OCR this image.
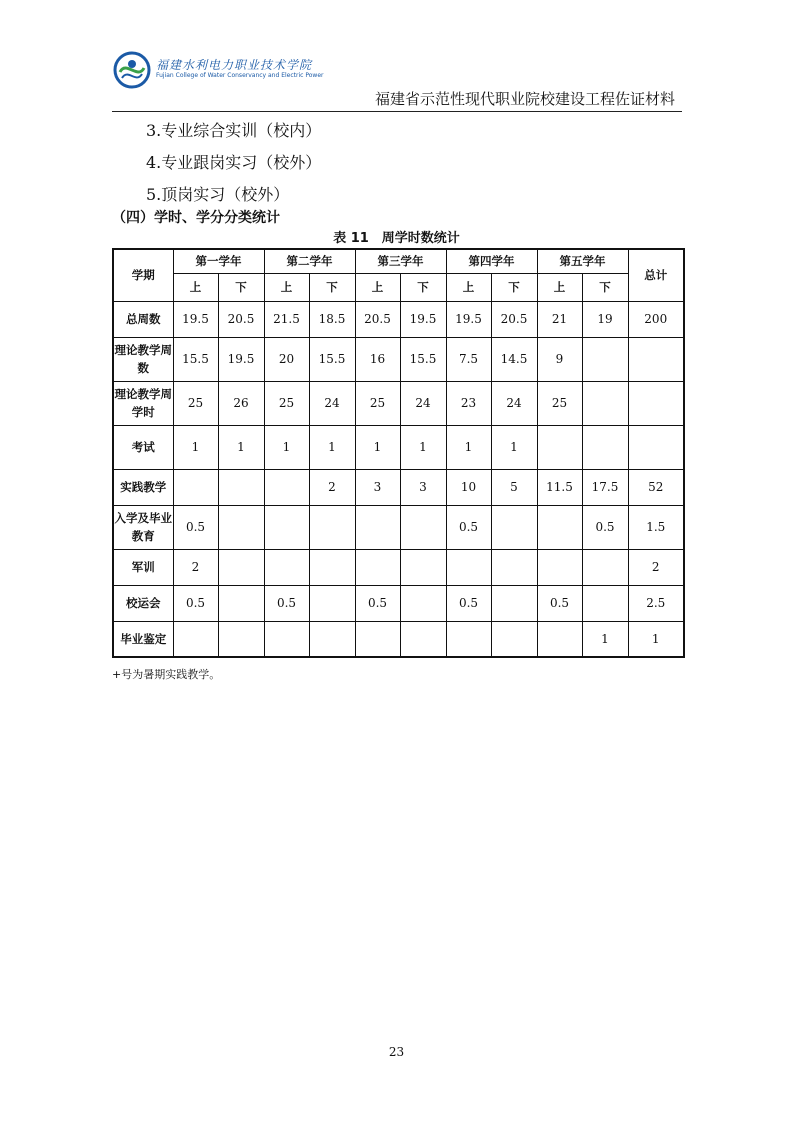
福建水利电力职业技术学院
Fujian College of Water Conservancy and Electric Power
福建省示范性现代职业院校建设工程佐证材料
3.专业综合实训（校内）
4.专业跟岗实习（校外）
5.顶岗实习（校外）
（四）学时、学分分类统计
表 11　周学时数统计
学期	第一学年		第二学年		第三学年		第四学年		第五学年		总计
	上	下	上	下	上	下	上	下	上	下	
总周数	19.5	20.5	21.5	18.5	20.5	19.5	19.5	20.5	21	19	200
理论教学周数	15.5	19.5	20	15.5	16	15.5	7.5	14.5	9		
理论教学周学时	25	26	25	24	25	24	23	24	25		
考试	1	1	1	1	1	1	1	1			
实践教学				2	3	3	10	5	11.5	17.5	52
入学及毕业教育	0.5						0.5			0.5	1.5
军训	2										2
校运会	0.5		0.5		0.5		0.5		0.5		2.5
毕业鉴定										1	1
+号为暑期实践教学。
23
